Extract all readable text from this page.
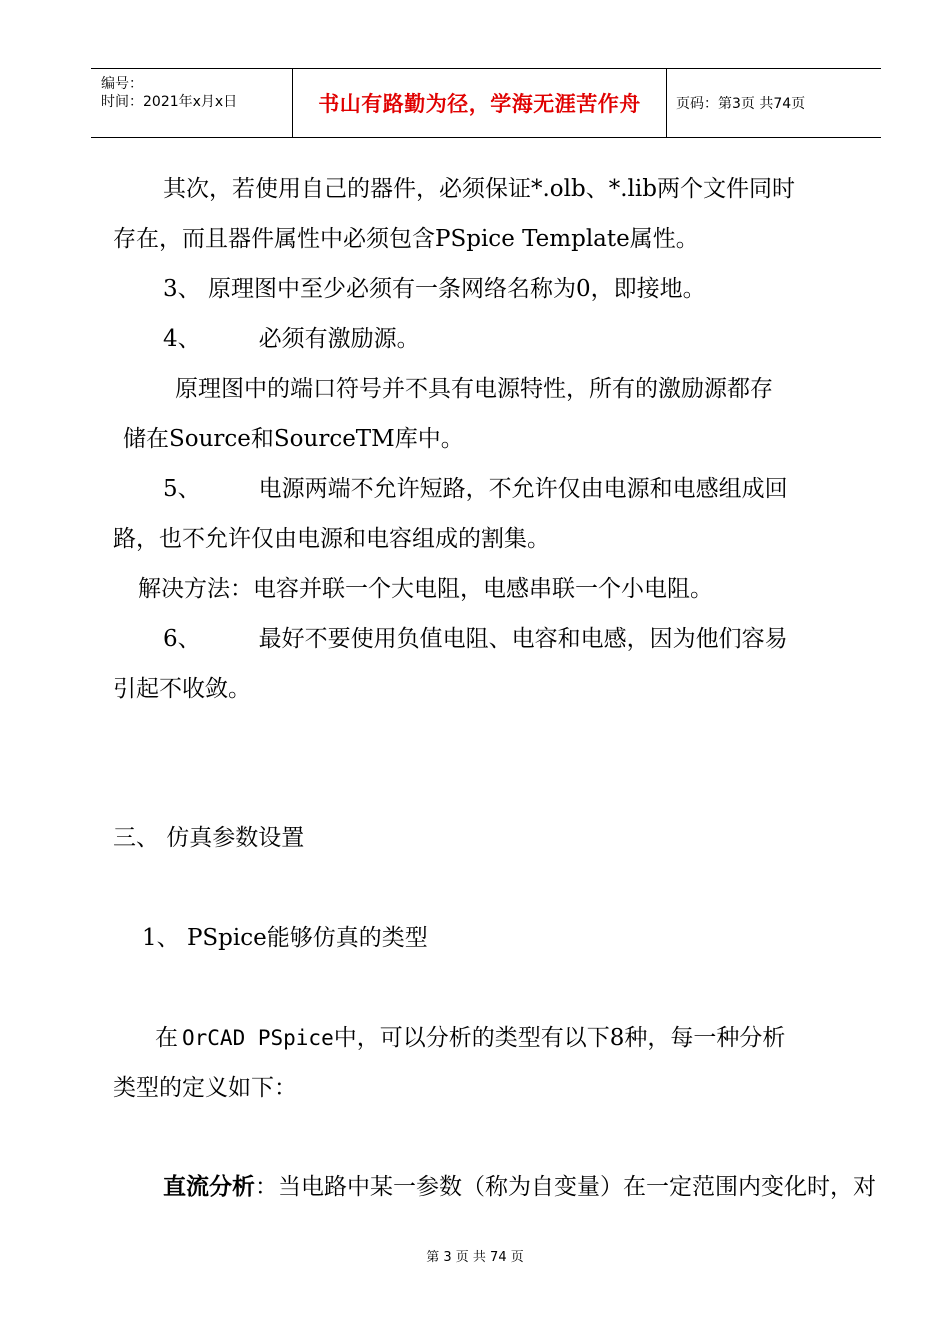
编号：
时间：2021年x月x日	书山有路勤为径，学海无涯苦作舟	页码：第3页 共74页
其次，若使用自己的器件，必须保证*.olb、*.lib两个文件同时
存在，而且器件属性中必须包含PSpice Template属性。
3、 原理图中至少必须有一条网络名称为0，即接地。
4、	必须有激励源。
原理图中的端口符号并不具有电源特性，所有的激励源都存
储在Source和SourceTM库中。
5、	电源两端不允许短路，不允许仅由电源和电感组成回
路，也不允许仅由电源和电容组成的割集。
解决方法：电容并联一个大电阻，电感串联一个小电阻。
6、	最好不要使用负值电阻、电容和电感，因为他们容易
引起不收敛。
三、 仿真参数设置
1、 PSpice能够仿真的类型
在 OrCAD PSpice中，可以分析的类型有以下8种，每一种分析
类型的定义如下：
直流分析：当电路中某一参数（称为自变量）在一定范围内变化时，对
第 3 页 共 74 页
